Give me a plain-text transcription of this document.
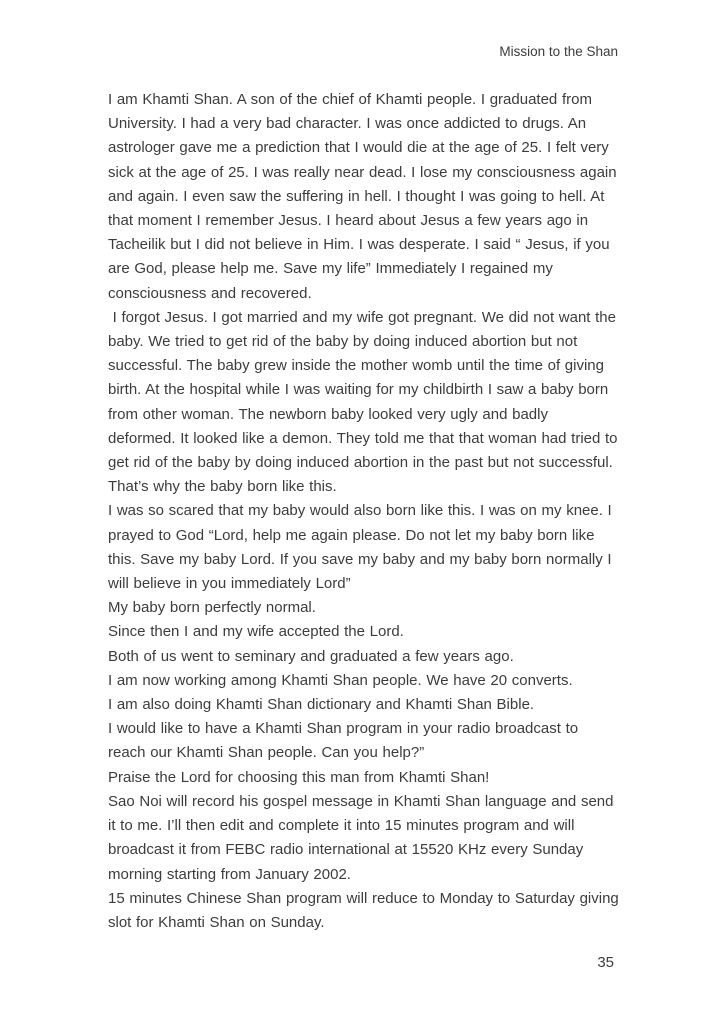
Mission to the Shan

I am Khamti Shan. A son of the chief of Khamti people. I graduated from University. I had a very bad character. I was once addicted to drugs. An astrologer gave me a prediction that I would die at the age of 25. I felt very sick at the age of 25. I was really near dead. I lose my consciousness again and again. I even saw the suffering in hell. I thought I was going to hell. At that moment I remember Jesus. I heard about Jesus a few years ago in Tacheilik but I did not believe in Him. I was desperate. I said “ Jesus, if you are God, please help me. Save my life” Immediately I regained my consciousness and recovered.

I forgot Jesus. I got married and my wife got pregnant. We did not want the baby. We tried to get rid of the baby by doing induced abortion but not successful. The baby grew inside the mother womb until the time of giving birth. At the hospital while I was waiting for my childbirth I saw a baby born from other woman. The newborn baby looked very ugly and badly deformed. It looked like a demon. They told me that that woman had tried to get rid of the baby by doing induced abortion in the past but not successful. That’s why the baby born like this.

I was so scared that my baby would also born like this. I was on my knee. I prayed to God “Lord, help me again please. Do not let my baby born like this. Save my baby Lord. If you save my baby and my baby born normally I will believe in you immediately Lord”

My baby born perfectly normal.

Since then I and my wife accepted the Lord.

Both of us went to seminary and graduated a few years ago.

I am now working among Khamti Shan people. We have 20 converts.

I am also doing Khamti Shan dictionary and Khamti Shan Bible.

I would like to have a Khamti Shan program in your radio broadcast to reach our Khamti Shan people. Can you help?”

Praise the Lord for choosing this man from Khamti Shan!

Sao Noi will record his gospel message in Khamti Shan language and send it to me. I’ll then edit and complete it into 15 minutes program and will broadcast it from FEBC radio international at 15520 KHz every Sunday morning starting from January 2002.

15 minutes Chinese Shan program will reduce to Monday to Saturday giving slot for Khamti Shan on Sunday.

35
